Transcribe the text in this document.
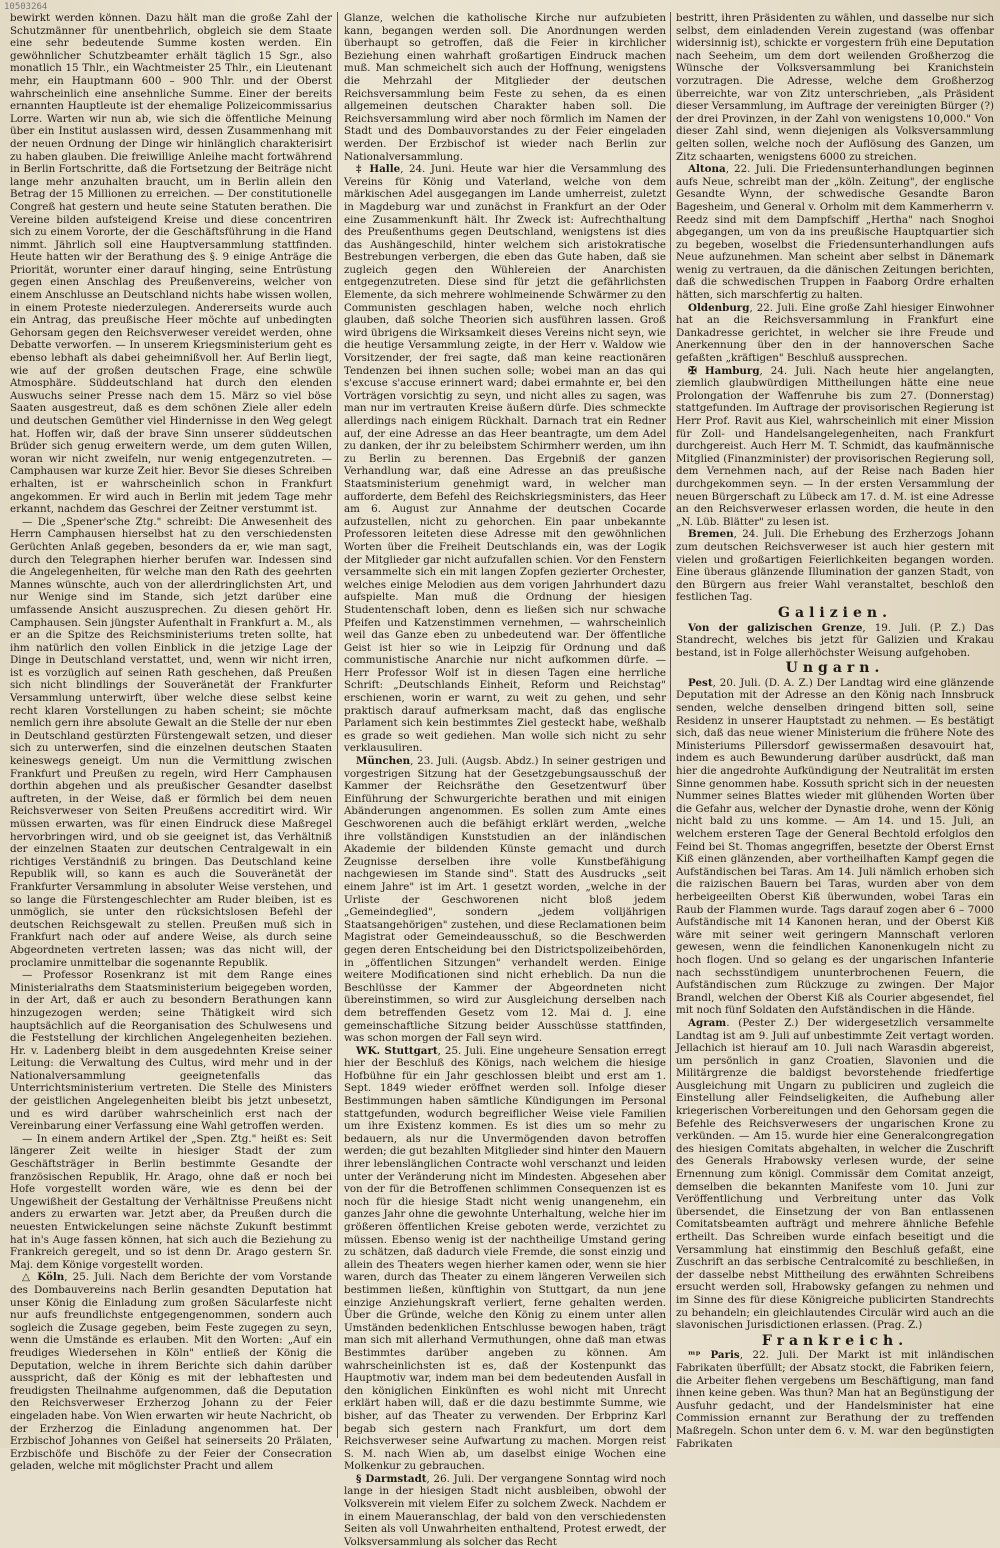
10503264

bewirkt werden können. Dazu hält man die große Zahl der Schutzmänner für unentbehrlich, obgleich sie dem Staate eine sehr bedeutende Summe kosten werden. Ein gewöhnlicher Schutzbeamter erhält täglich 15 Sgr., also monatlich 15 Thlr., ein Wachtmeister 25 Thlr., ein Lieutenant mehr, ein Hauptmann 600 – 900 Thlr. und der Oberst wahrscheinlich eine ansehnliche Summe. Einer der bereits ernannten Hauptleute ist der ehemalige Polizeicommissarius Lorre. Warten wir nun ab, wie sich die öffentliche Meinung über ein Institut auslassen wird, dessen Zusammenhang mit der neuen Ordnung der Dinge wir hinlänglich charakterisirt zu haben glauben. Die freiwillige Anleihe macht fortwährend in Berlin Fortschritte, daß die Fortsetzung der Beiträge nicht lange mehr anzuhalten braucht, um in Berlin allein den Betrag der 15 Millionen zu erreichen. — Der constitutionelle Congreß hat gestern und heute seine Statuten berathen. Die Vereine bilden aufsteigend Kreise und diese concentriren sich zu einem Vororte, der die Geschäftsführung in die Hand nimmt. Jährlich soll eine Hauptversammlung stattfinden. Heute hatten wir der Berathung des §. 9 einige Anträge die Priorität, worunter einer darauf hinging, seine Entrüstung gegen einen Anschlag des Preußenvereins, welcher von einem Anschlusse an Deutschland nichts habe wissen wollen, in einem Proteste niederzulegen. Andererseits wurde auch ein Antrag, das preußische Heer möchte auf unbedingten Gehorsam gegen den Reichsverweser vereidet werden, ohne Debatte verworfen. — In unserem Kriegsministerium geht es ebenso lebhaft als dabei geheimnißvoll her. Auf Berlin liegt, wie auf der großen deutschen Frage, eine schwüle Atmosphäre. Süddeutschland hat durch den elenden Auswuchs seiner Presse nach dem 15. März so viel böse Saaten ausgestreut, daß es dem schönen Ziele aller edeln und deutschen Gemüther viel Hindernisse in den Weg gelegt hat. Hoffen wir, daß der brave Sinn unserer süddeutschen Brüder sich genug erweitern werde, um dem guten Willen, woran wir nicht zweifeln, nur wenig entgegenzutreten. — Camphausen war kurze Zeit hier. Bevor Sie dieses Schreiben erhalten, ist er wahrscheinlich schon in Frankfurt angekommen. Er wird auch in Berlin mit jedem Tage mehr erkannt, nachdem das Geschrei der Zeitner verstummt ist.

— Die „Spener'sche Ztg." schreibt: Die Anwesenheit des Herrn Camphausen hierselbst hat zu den verschiedensten Gerüchten Anlaß gegeben, besonders da er, wie man sagt, durch den Telegraphen hierher berufen war. Indessen sind die Angelegenheiten, für welche man den Rath des geehrten Mannes wünschte, auch von der allerdringlichsten Art, und nur Wenige sind im Stande, sich jetzt darüber eine umfassende Ansicht auszusprechen. Zu diesen gehört Hr. Camphausen. Sein jüngster Aufenthalt in Frankfurt a. M., als er an die Spitze des Reichsministeriums treten sollte, hat ihm natürlich den vollen Einblick in die jetzige Lage der Dinge in Deutschland verstattet, und, wenn wir nicht irren, ist es vorzüglich auf seinen Rath geschehen, daß Preußen sich nicht blindlings der Souveränetät der Frankfurter Versammlung unterwirft, über welche diese selbst keine recht klaren Vorstellungen zu haben scheint; sie möchte nemlich gern ihre absolute Gewalt an die Stelle der nur eben in Deutschland gestürzten Fürstengewalt setzen, und dieser sich zu unterwerfen, sind die einzelnen deutschen Staaten keineswegs geneigt. Um nun die Vermittlung zwischen Frankfurt und Preußen zu regeln, wird Herr Camphausen dorthin abgehen und als preußischer Gesandter daselbst auftreten, in der Weise, daß er förmlich bei dem neuen Reichsverweser von Seiten Preußens accreditirt wird. Wir müssen erwarten, was für einen Eindruck diese Maßregel hervorbringen wird, und ob sie geeignet ist, das Verhältniß der einzelnen Staaten zur deutschen Centralgewalt in ein richtiges Verständniß zu bringen. Das Deutschland keine Republik will, so kann es auch die Souveränetät der Frankfurter Versammlung in absoluter Weise verstehen, und so lange die Fürstengeschlechter am Ruder bleiben, ist es unmöglich, sie unter den rücksichtslosen Befehl der deutschen Reichsgewalt zu stellen. Preußen muß sich in Frankfurt nach oder auf andere Weise, als durch seine Abgeordneten vertreten lassen; was das nicht will, der proclamire unmittelbar die sogenannte Republik.

— Professor Rosenkranz ist mit dem Range eines Ministerialraths dem Staatsministerium beigegeben worden, in der Art, daß er auch zu besondern Berathungen kann hinzugezogen werden; seine Thätigkeit wird sich hauptsächlich auf die Reorganisation des Schulwesens und die Feststellung der kirchlichen Angelegenheiten beziehen. Hr. v. Ladenberg bleibt in dem ausgedehnten Kreise seiner Leitung: die Verwaltung des Cultus, wird mehr und in der Nationalversammlung geeignetenfalls das Unterrichtsministerium vertreten. Die Stelle des Ministers der geistlichen Angelegenheiten bleibt bis jetzt unbesetzt, und es wird darüber wahrscheinlich erst nach der Vereinbarung einer Verfassung eine Wahl getroffen werden.

— In einem andern Artikel der „Spen. Ztg." heißt es: Seit längerer Zeit weilte in hiesiger Stadt der zum Geschäftsträger in Berlin bestimmte Gesandte der französischen Republik, Hr. Arago, ohne daß er noch bei Hofe vorgestellt worden wäre, wie es denn bei der Ungewißheit der Gestaltung der Verhältnisse Preußens nicht anders zu erwarten war. Jetzt aber, da Preußen durch die neuesten Entwickelungen seine nächste Zukunft bestimmt hat in's Auge fassen können, hat sich auch die Beziehung zu Frankreich geregelt, und so ist denn Dr. Arago gestern Sr. Maj. dem Könige vorgestellt worden.

△ Köln, 25. Juli. Nach dem Berichte der vom Vorstande des Dombauvereins nach Berlin gesandten Deputation hat unser König die Einladung zum großen Säcularfeste nicht nur aufs freundlichste entgegengenommen, sondern auch sogleich die Zusage gegeben, beim Feste zugegen zu seyn, wenn die Umstände es erlauben. Mit den Worten: „Auf ein freudiges Wiedersehen in Köln" entließ der König die Deputation, welche in ihrem Berichte sich dahin darüber ausspricht, daß der König es mit der lebhaftesten und freudigsten Theilnahme aufgenommen, daß die Deputation den Reichsverweser Erzherzog Johann zu der Feier eingeladen habe. Von Wien erwarten wir heute Nachricht, ob der Erzherzog die Einladung angenommen hat. Der Erzbischof Johannes von Geißel hat seinerseits 20 Prälaten, Erzbischöfe und Bischöfe zu der Feier der Consecration geladen, welche mit möglichster Pracht und allem

Glanze, welchen die katholische Kirche nur aufzubieten kann, begangen werden soll. Die Anordnungen werden überhaupt so getroffen, daß die Feier in kirchlicher Beziehung einen wahrhaft großartigen Eindruck machen muß. Man schmeichelt sich auch der Hoffnung, wenigstens die Mehrzahl der Mitglieder der deutschen Reichsversammlung beim Feste zu sehen, da es einen allgemeinen deutschen Charakter haben soll. Die Reichsversammlung wird aber noch förmlich im Namen der Stadt und des Dombauvorstandes zu der Feier eingeladen werden. Der Erzbischof ist wieder nach Berlin zur Nationalversammlung.

‡ Halle, 24. Juni. Heute war hier die Versammlung des Vereins für König und Vaterland, welche von dem märkischen Adel ausgegangen im Lande umherreist, zuletzt in Magdeburg war und zunächst in Frankfurt an der Oder eine Zusammenkunft hält. Ihr Zweck ist: Aufrechthaltung des Preußenthums gegen Deutschland, wenigstens ist dies das Aushängeschild, hinter welchem sich aristokratische Bestrebungen verbergen, die eben das Gute haben, daß sie zugleich gegen den Wühlereien der Anarchisten entgegenzutreten. Diese sind für jetzt die gefährlichsten Elemente, da sich mehrere wohlmeinende Schwärmer zu den Communisten geschlagen haben, welche noch ehrlich glauben, daß solche Theorien sich ausführen lassen. Groß wird übrigens die Wirksamkeit dieses Vereins nicht seyn, wie die heutige Versammlung zeigte, in der Herr v. Waldow wie Vorsitzender, der frei sagte, daß man keine reactionären Tendenzen bei ihnen suchen solle; wobei man an das qui s'excuse s'accuse erinnert ward; dabei ermahnte er, bei den Vorträgen vorsichtig zu seyn, und nicht alles zu sagen, was man nur im vertrauten Kreise äußern dürfe. Dies schmeckte allerdings nach einigem Rückhalt. Darnach trat ein Redner auf, der eine Adresse an das Heer beantragte, um dem Adel zu danken, der ihr zu beleibstem Schirmherr werden, um ihn zu Berlin zu berennen. Das Ergebniß der ganzen Verhandlung war, daß eine Adresse an das preußische Staatsministerium genehmigt ward, in welcher man aufforderte, dem Befehl des Reichskriegsministers, das Heer am 6. August zur Annahme der deutschen Cocarde aufzustellen, nicht zu gehorchen. Ein paar unbekannte Professoren leiteten diese Adresse mit den gewöhnlichen Worten über die Freiheit Deutschlands ein, was der Logik der Mitglieder gar nicht aufzufallen schien. Vor den Fenstern versammelte sich ein mit langen Zopfen gezierter Orchester, welches einige Melodien aus dem vorigen Jahrhundert dazu aufspielte. Man muß die Ordnung der hiesigen Studentenschaft loben, denn es ließen sich nur schwache Pfeifen und Katzenstimmen vernehmen, — wahrscheinlich weil das Ganze eben zu unbedeutend war. Der öffentliche Geist ist hier so wie in Leipzig für Ordnung und daß communistische Anarchie nur nicht aufkommen dürfe. — Herr Professor Wolf ist in diesen Tagen eine herrliche Schrift: „Deutschlands Einheit, Reform und Reichstag" erschienen, worin er warnt, zu weit zu gehen, und sehr praktisch darauf aufmerksam macht, daß das englische Parlament sich kein bestimmtes Ziel gesteckt habe, weßhalb es grade so weit gediehen. Man wolle sich nicht zu sehr verklausuliren.

München, 23. Juli. (Augsb. Abdz.) In seiner gestrigen und vorgestrigen Sitzung hat der Gesetzgebungsausschuß der Kammer der Reichsräthe den Gesetzentwurf über Einführung der Schwurgerichte berathen und mit einigen Abänderungen angenommen. Es sollen zum Amte eines Geschworenen auch die befähigt erklärt werden, „welche ihre vollständigen Kunststudien an der inländischen Akademie der bildenden Künste gemacht und durch Zeugnisse derselben ihre volle Kunstbefähigung nachgewiesen im Stande sind". Statt des Ausdrucks „seit einem Jahre" ist im Art. 1 gesetzt worden, „welche in der Urliste der Geschworenen nicht bloß jedem „Gemeindeglied", sondern „jedem volljährigen Staatsangehörigen" zustehen, und diese Reclamationen beim Magistrat oder Gemeindeausschuß, so die Beschwerden gegen deren Entscheidung bei den Districtspolizeibehörden, in „öffentlichen Sitzungen" verhandelt werden. Einige weitere Modificationen sind nicht erheblich. Da nun die Beschlüsse der Kammer der Abgeordneten nicht übereinstimmen, so wird zur Ausgleichung derselben nach dem betreffenden Gesetz vom 12. Mai d. J. eine gemeinschaftliche Sitzung beider Ausschüsse stattfinden, was schon morgen der Fall seyn wird.

WK. Stuttgart, 25. Juli. Eine ungeheure Sensation erregt hier der Beschluß des Königs, nach welchem die hiesige Hofbühne für ein Jahr geschlossen bleibt und erst am 1. Sept. 1849 wieder eröffnet werden soll. Infolge dieser Bestimmungen haben sämtliche Kündigungen im Personal stattgefunden, wodurch begreiflicher Weise viele Familien um ihre Existenz kommen. Es ist dies um so mehr zu bedauern, als nur die Unvermögenden davon betroffen werden; die gut bezahlten Mitglieder sind hinter den Mauern ihrer lebenslänglichen Contracte wohl verschanzt und leiden unter der Veränderung nicht im Mindesten. Abgesehen aber von der für die Betroffenen schlimmen Consequenzen ist es noch für die hiesige Stadt nicht wenig unangenehm, ein ganzes Jahr ohne die gewohnte Unterhaltung, welche hier im größeren öffentlichen Kreise geboten werde, verzichtet zu müssen. Ebenso wenig ist der nachtheilige Umstand gering zu schätzen, daß dadurch viele Fremde, die sonst einzig und allein des Theaters wegen hierher kamen oder, wenn sie hier waren, durch das Theater zu einem längeren Verweilen sich bestimmen ließen, künftighin von Stuttgart, da nun jene einzige Anziehungskraft verliert, ferne gehalten werden. Über die Gründe, welche den König zu einem unter allen Umständen bedenklichen Entschlusse bewogen haben, trägt man sich mit allerhand Vermuthungen, ohne daß man etwas Bestimmtes darüber angeben zu können. Am wahrscheinlichsten ist es, daß der Kostenpunkt das Hauptmotiv war, indem man bei dem bedeutenden Ausfall in den königlichen Einkünften es wohl nicht mit Unrecht erklärt haben will, daß er die dazu bestimmte Summe, wie bisher, auf das Theater zu verwenden. Der Erbprinz Karl begab sich gestern nach Frankfurt, um dort dem Reichsverweser seine Aufwartung zu machen. Morgen reist S. M. nach Wien ab, um daselbst einige Wochen eine Molkenkur zu gebrauchen.

§ Darmstadt, 26. Juli. Der vergangene Sonntag wird noch lange in der hiesigen Stadt nicht ausbleiben, obwohl der Volksverein mit vielem Eifer zu solchem Zweck. Nachdem er in einem Maueranschlag, der bald von den verschiedensten Seiten als voll Unwahrheiten enthaltend, Protest erwedt, der Volksversammlung als solcher das Recht

bestritt, ihren Präsidenten zu wählen, und dasselbe nur sich selbst, dem einladenden Verein zugestand (was offenbar widersinnig ist), schickte er vorgestern früh eine Deputation nach Seeheim, um dem dort weilenden Großherzog die Wünsche der Volksversammlung bei Kranichstein vorzutragen. Die Adresse, welche dem Großherzog überreichte, war von Zitz unterschrieben, „als Präsident dieser Versammlung, im Auftrage der vereinigten Bürger (?) der drei Provinzen, in der Zahl von wenigstens 10,000." Von dieser Zahl sind, wenn diejenigen als Volksversammlung gelten sollen, welche noch der Auflösung des Ganzen, um Zitz schaarten, wenigstens 6000 zu streichen.

Altona, 22. Juli. Die Friedensunterhandlungen beginnen aufs Neue, schreibt man der „köln. Zeitung", der englische Gesandte Wynn, der schwedische Gesandte Baron Bagesheim, und General v. Orholm mit dem Kammerherrn v. Reedz sind mit dem Dampfschiff „Hertha" nach Snoghoi abgegangen, um von da ins preußische Hauptquartier sich zu begeben, woselbst die Friedensunterhandlungen aufs Neue aufzunehmen. Man scheint aber selbst in Dänemark wenig zu vertrauen, da die dänischen Zeitungen berichten, daß die schwedischen Truppen in Faaborg Ordre erhalten hätten, sich marschfertig zu halten.

Oldenburg, 22. Juli. Eine große Zahl hiesiger Einwohner hat an die Reichsversammlung in Frankfurt eine Dankadresse gerichtet, in welcher sie ihre Freude und Anerkennung über den in der hannoverschen Sache gefaßten „kräftigen" Beschluß aussprechen.

✠ Hamburg, 24. Juli. Nach heute hier angelangten, ziemlich glaubwürdigen Mittheilungen hätte eine neue Prolongation der Waffenruhe bis zum 27. (Donnerstag) stattgefunden. Im Auftrage der provisorischen Regierung ist Herr Prof. Ravit aus Kiel, wahrscheinlich mit einer Mission für Zoll- und Handelsangelegenheiten, nach Frankfurt durchgereist. Auch Herr M. T. Schmidt, das kaufmännische Mitglied (Finanzminister) der provisorischen Regierung soll, dem Vernehmen nach, auf der Reise nach Baden hier durchgekommen seyn. — In der ersten Versammlung der neuen Bürgerschaft zu Lübeck am 17. d. M. ist eine Adresse an den Reichsverweser erlassen worden, die heute in den „N. Lüb. Blätter" zu lesen ist.

Bremen, 24. Juli. Die Erhebung des Erzherzogs Johann zum deutschen Reichsverweser ist auch hier gestern mit vielen und großartigen Feierlichkeiten begangen worden. Eine überaus glänzende Illumination der ganzen Stadt, von den Bürgern aus freier Wahl veranstaltet, beschloß den festlichen Tag.

Galizien.

Von der galizischen Grenze, 19. Juli. (P. Z.) Das Standrecht, welches bis jetzt für Galizien und Krakau bestand, ist in Folge allerhöchster Weisung aufgehoben.

Ungarn.

Pest, 20. Juli. (D. A. Z.) Der Landtag wird eine glänzende Deputation mit der Adresse an den König nach Innsbruck senden, welche denselben dringend bitten soll, seine Residenz in unserer Hauptstadt zu nehmen. — Es bestätigt sich, daß das neue wiener Ministerium die frühere Note des Ministeriums Pillersdorf gewissermaßen desavouirt hat, indem es auch Bewunderung darüber ausdrückt, daß man hier die angedrohte Aufkündigung der Neutralität im ersten Sinne genommen habe. Kossuth spricht sich in der neuesten Nummer seines Blattes wieder mit glühenden Worten über die Gefahr aus, welcher der Dynastie drohe, wenn der König nicht bald zu uns komme. — Am 14. und 15. Juli, an welchem ersteren Tage der General Bechtold erfolglos den Feind bei St. Thomas angegriffen, besetzte der Oberst Ernst Kiß einen glänzenden, aber vortheilhaften Kampf gegen die Aufständischen bei Taras. Am 14. Juli nämlich erhoben sich die raizischen Bauern bei Taras, wurden aber von dem herbeigeeilten Oberst Kiß überwunden, wobei Taras ein Raub der Flammen wurde. Tags darauf zogen aber 6 – 7000 Aufständische mit 14 Kanonen heran, und der Oberst Kiß wäre mit seiner weit geringern Mannschaft verloren gewesen, wenn die feindlichen Kanonenkugeln nicht zu hoch flogen. Und so gelang es der ungarischen Infanterie nach sechsstündigem ununterbrochenen Feuern, die Aufständischen zum Rückzuge zu zwingen. Der Major Brandl, welchen der Oberst Kiß als Courier abgesendet, fiel mit noch fünf Soldaten den Aufständischen in die Hände.

Agram. (Pester Z.) Der widergesetzlich versammelte Landtag ist am 9. Juli auf unbestimmte Zeit vertagt worden. Jellachich ist hierauf am 10. Juli nach Warasdin abgereist, um persönlich in ganz Croatien, Slavonien und die Militärgrenze die baldigst bevorstehende friedfertige Ausgleichung mit Ungarn zu publiciren und zugleich die Einstellung aller Feindseligkeiten, die Aufhebung aller kriegerischen Vorbereitungen und den Gehorsam gegen die Befehle des Reichsverwesers der ungarischen Krone zu verkünden. — Am 15. wurde hier eine Generalcongregation des hiesigen Comitats abgehalten, in welcher die Zuschrift des Generals Hrabowsky verlesen wurde, der seine Ernennung zum königl. Commissär dem Comitat anzeigt, demselben die bekannten Manifeste vom 10. Juni zur Veröffentlichung und Verbreitung unter das Volk übersendet, die Einsetzung der von Ban entlassenen Comitatsbeamten aufträgt und mehrere ähnliche Befehle ertheilt. Das Schreiben wurde einfach beseitigt und die Versammlung hat einstimmig den Beschluß gefaßt, eine Zuschrift an das serbische Centralcomité zu beschließen, in der dasselbe nebst Mittheilung des erwähnten Schreibens ersucht werden soll, Hrabowsky gefangen zu nehmen und im Sinne des für diese Königreiche publicirten Standrechts zu behandeln; ein gleichlautendes Circulär wird auch an die slavonischen Jurisdictionen erlassen. (Prag. Z.)

Frankreich.

ᵐᵖ Paris, 22. Juli. Der Markt ist mit inländischen Fabrikaten überfüllt; der Absatz stockt, die Fabriken feiern, die Arbeiter flehen vergebens um Beschäftigung, man fand ihnen keine geben. Was thun? Man hat an Begünstigung der Ausfuhr gedacht, und der Handelsminister hat eine Commission ernannt zur Berathung der zu treffenden Maßregeln. Schon unter dem 6. v. M. war den begünstigten Fabrikaten
